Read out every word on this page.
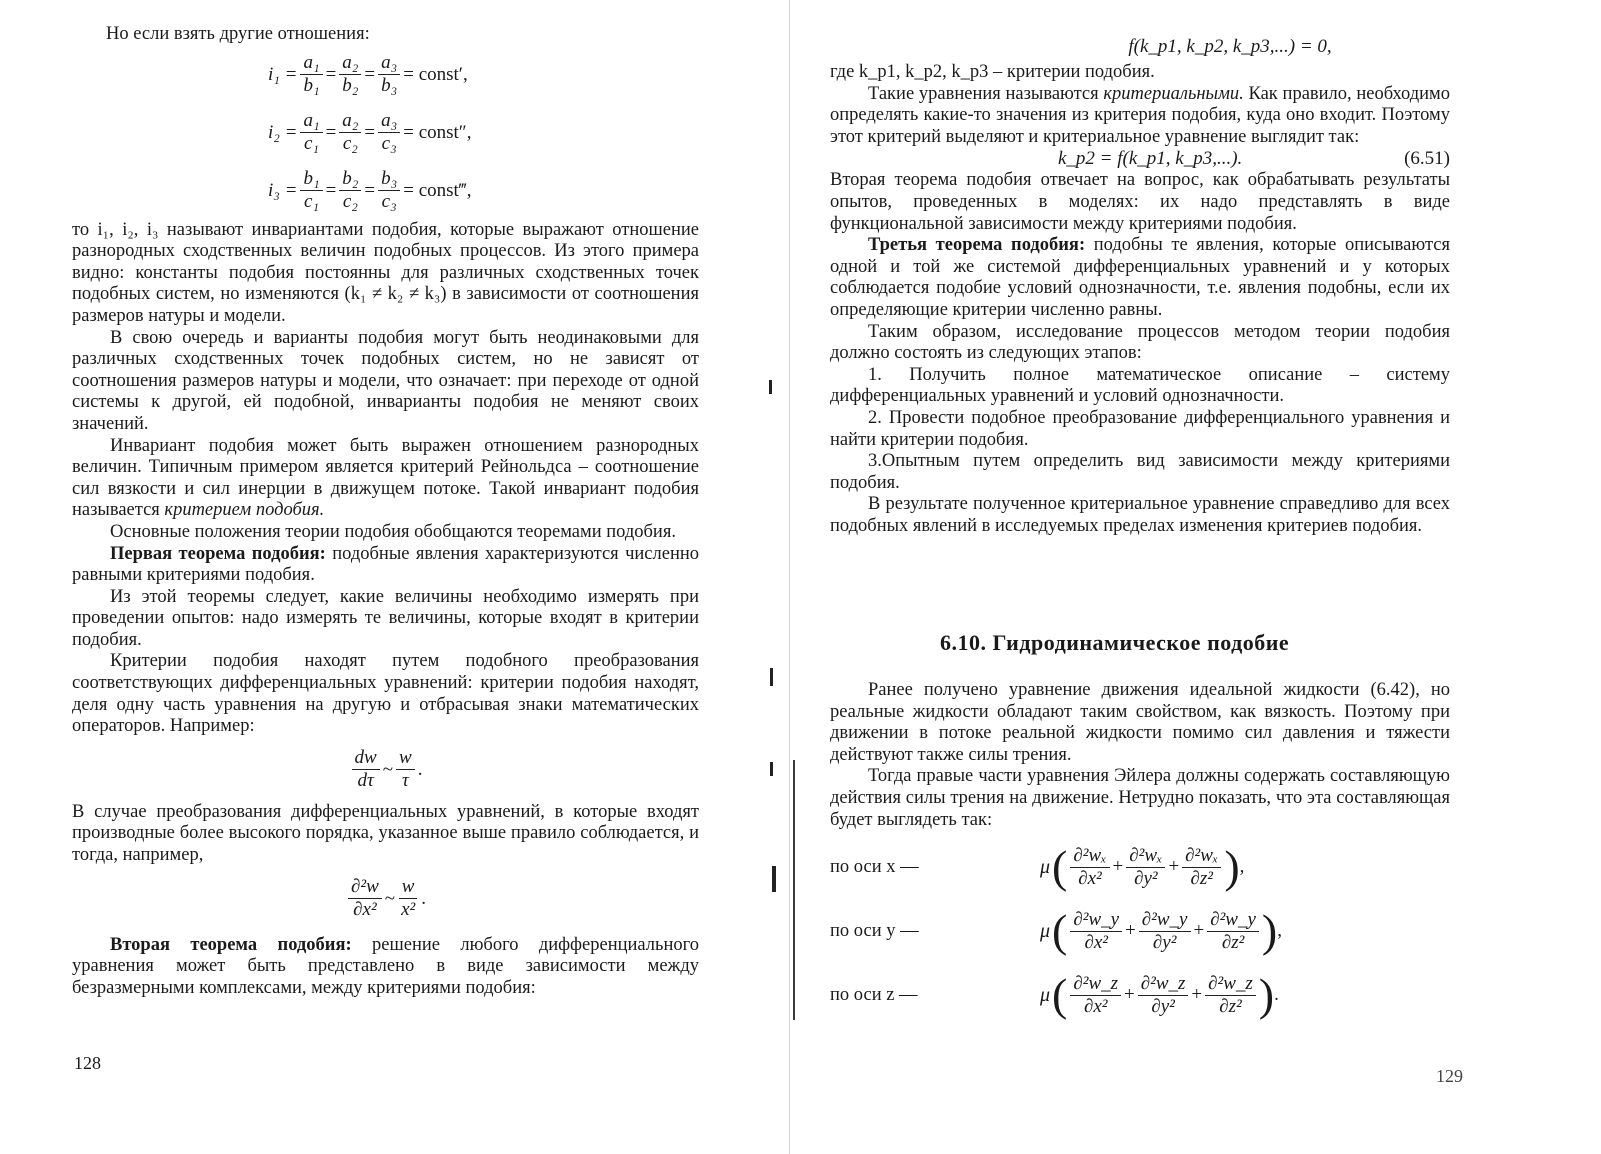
Но если взять другие отношения:

$i_1 = \frac{\text{a₁}}{\text{b₁}} = \frac{\text{a₂}}{\text{b₂}} = \frac{\text{a₃}}{\text{b₃}}$ = const′,
$i_2 = \frac{\text{a₁}}{\text{c₁}} = \frac{\text{a₂}}{\text{c₂}} = \frac{\text{a₃}}{\text{c₃}}$ = const″,
$i_3 = \frac{\text{b₁}}{\text{c₁}} = \frac{\text{b₂}}{\text{c₂}} = \frac{\text{b₃}}{\text{c₃}}$ = const‴,

то i₁, i₂, i₃ называют инвариантами подобия, которые выражают отношение разнородных сходственных величин подобных процессов. Из этого примера видно: константы подобия постоянны для различных сходственных точек подобных систем, но изменяются (k₁ ≠ k₂ ≠ k₃) в зависимости от соотношения размеров натуры и модели.

В свою очередь и варианты подобия могут быть неодинаковыми для различных сходственных точек подобных систем, но не зависят от соотношения размеров натуры и модели, что означает: при переходе от одной системы к другой, ей подобной, инварианты подобия не меняют своих значений.

Инвариант подобия может быть выражен отношением разнородных величин. Типичным примером является критерий Рейнольдса – соотношение сил вязкости и сил инерции в движущем потоке. Такой инвариант подобия называется критерием подобия.

Основные положения теории подобия обобщаются теоремами подобия.

Первая теорема подобия: подобные явления характеризуются численно равными критериями подобия.

Из этой теоремы следует, какие величины необходимо измерять при проведении опытов: надо измерять те величины, которые входят в критерии подобия.

Критерии подобия находят путем подобного преобразования соответствующих дифференциальных уравнений: критерии подобия находят, деля одну часть уравнения на другую и отбрасывая знаки математических операторов. Например:

$\frac{dw}{d\tau}$ ~ $\frac{w}{\tau}$ .

В случае преобразования дифференциальных уравнений, в которые входят производные более высокого порядка, указанное выше правило соблюдается, и тогда, например,

$\frac{\text{∂²w}}{\text{∂x²}}$ ~ $\frac{w}{\text{x²}}$ .

Вторая теорема подобия: решение любого дифференциального уравнения может быть представлено в виде зависимости между безразмерными комплексами, между критериями подобия:

128
f(k_p1, k_p2, k_p3,...) = 0,

где k_p1, k_p2, k_p3 – критерии подобия.

Такие уравнения называются критериальными. Как правило, необходимо определять какие-то значения из критерия подобия, куда оно входит. Поэтому этот критерий выделяют и критериальное уравнение выглядит так:

k_p2 = f(k_p1, k_p3,...).	(6.51)

Вторая теорема подобия отвечает на вопрос, как обрабатывать результаты опытов, проведенных в моделях: их надо представлять в виде функциональной зависимости между критериями подобия.

Третья теорема подобия: подобны те явления, которые описываются одной и той же системой дифференциальных уравнений и у которых соблюдается подобие условий однозначности, т.е. явления подобны, если их определяющие критерии численно равны.

Таким образом, исследование процессов методом теории подобия должно состоять из следующих этапов:

1. Получить полное математическое описание – систему дифференциальных уравнений и условий однозначности.

2. Провести подобное преобразование дифференциального уравнения и найти критерии подобия.

3.Опытным путем определить вид зависимости между критериями подобия.

В результате полученное критериальное уравнение справедливо для всех подобных явлений в исследуемых пределах изменения критериев подобия.

6.10. Гидродинамическое подобие

Ранее получено уравнение движения идеальной жидкости (6.42), но реальные жидкости обладают таким свойством, как вязкость. Поэтому при движении в потоке реальной жидкости помимо сил давления и тяжести действуют также силы трения.

Тогда правые части уравнения Эйлера должны содержать составляющую действия силы трения на движение. Нетрудно показать, что эта составляющая будет выглядеть так:

по оси x —	μ ( $\frac{\text{∂²wₓ}}{\text{∂x²}} + \frac{\text{∂²wₓ}}{\text{∂y²}} + \frac{\text{∂²wₓ}}{\text{∂z²}}$ ) ,
по оси y —	μ ( $\frac{\text{∂²w\_y}}{\text{∂x²}} + \frac{\text{∂²w\_y}}{\text{∂y²}} + \frac{\text{∂²w\_y}}{\text{∂z²}}$ ) ,
по оси z —	μ ( $\frac{\text{∂²w\_z}}{\text{∂x²}} + \frac{\text{∂²w\_z}}{\text{∂y²}} + \frac{\text{∂²w\_z}}{\text{∂z²}}$ ) .
129
